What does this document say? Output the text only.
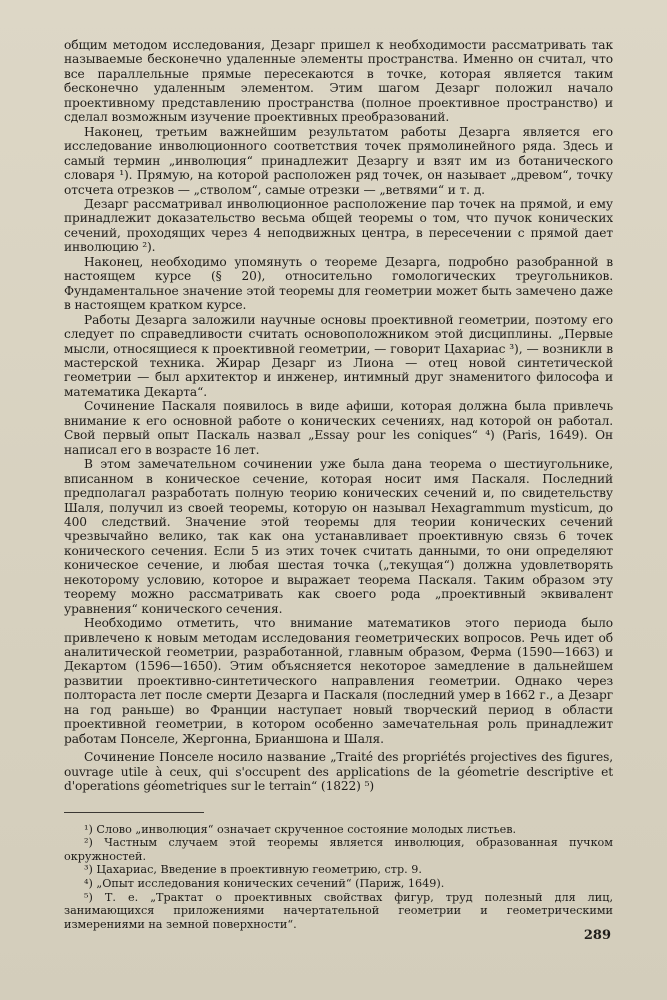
общим методом исследования, Дезарг пришел к необходимости рассматривать так называемые бесконечно удаленные элементы пространства. Именно он считал, что все параллельные прямые пересекаются в точке, которая является таким бесконечно удаленным элементом. Этим шагом Дезарг положил начало проективному представлению пространства (полное проективное пространство) и сделал возможным изучение проективных преобразований.

Наконец, третьим важнейшим результатом работы Дезарга является его исследование инволюционного соответствия точек прямолинейного ряда. Здесь и самый термин „инволюция“ принадлежит Дезаргу и взят им из ботанического словаря ¹). Прямую, на которой расположен ряд точек, он называет „древом“, точку отсчета отрезков — „стволом“, самые отрезки — „ветвями“ и т. д.

Дезарг рассматривал инволюционное расположение пар точек на прямой, и ему принадлежит доказательство весьма общей теоремы о том, что пучок конических сечений, проходящих через 4 неподвижных центра, в пересечении с прямой дает инволюцию ²).

Наконец, необходимо упомянуть о теореме Дезарга, подробно разобранной в настоящем курсе (§ 20), относительно гомологических треугольников. Фундаментальное значение этой теоремы для геометрии может быть замечено даже в настоящем кратком курсе.

Работы Дезарга заложили научные основы проективной геометрии, поэтому его следует по справедливости считать основоположником этой дисциплины. „Первые мысли, относящиеся к проективной геометрии, — говорит Цахариас ³), — возникли в мастерской техника. Жирар Дезарг из Лиона — отец новой синтетической геометрии — был архитектор и инженер, интимный друг знаменитого философа и математика Декарта“.

Сочинение Паскаля появилось в виде афиши, которая должна была привлечь внимание к его основной работе о конических сечениях, над которой он работал. Свой первый опыт Паскаль назвал „Essay pour les coniques“ ⁴) (Paris, 1649). Он написал его в возрасте 16 лет.

В этом замечательном сочинении уже была дана теорема о шестиугольнике, вписанном в коническое сечение, которая носит имя Паскаля. Последний предполагал разработать полную теорию конических сечений и, по свидетельству Шаля, получил из своей теоремы, которую он называл Hexagrammum mysticum, до 400 следствий. Значение этой теоремы для теории конических сечений чрезвычайно велико, так как она устанавливает проективную связь 6 точек конического сечения. Если 5 из этих точек считать данными, то они определяют коническое сечение, и любая шестая точка („текущая“) должна удовлетворять некоторому условию, которое и выражает теорема Паскаля. Таким образом эту теорему можно рассматривать как своего рода „проективный эквивалент уравнения“ конического сечения.

Необходимо отметить, что внимание математиков этого периода было привлечено к новым методам исследования геометрических вопросов. Речь идет об аналитической геометрии, разработанной, главным образом, Ферма (1590—1663) и Декартом (1596—1650). Этим объясняется некоторое замедление в дальнейшем развитии проективно-синтетического направления геометрии. Однако через полтораста лет после смерти Дезарга и Паскаля (последний умер в 1662 г., а Дезарг на год раньше) во Франции наступает новый творческий период в области проективной геометрии, в котором особенно замечательная роль принадлежит работам Понселе, Жергонна, Брианшона и Шаля.

Сочинение Понселе носило название „Traité des propriétés projectives des figures, ouvrage utile à ceux, qui s'occupent des applications de la géometrie descriptive et d'operations géometriques sur le terrain“ (1822) ⁵)

¹) Слово „инволюция“ означает скрученное состояние молодых листьев.

²) Частным случаем этой теоремы является инволюция, образованная пучком окружностей.

³) Цахариас, Введение в проективную геометрию, стр. 9.

⁴) „Опыт исследования конических сечений“ (Париж, 1649).

⁵) Т. е. „Трактат о проективных свойствах фигур, труд полезный для лиц, занимающихся приложениями начертательной геометрии и геометрическими измерениями на земной поверхности“.

289
